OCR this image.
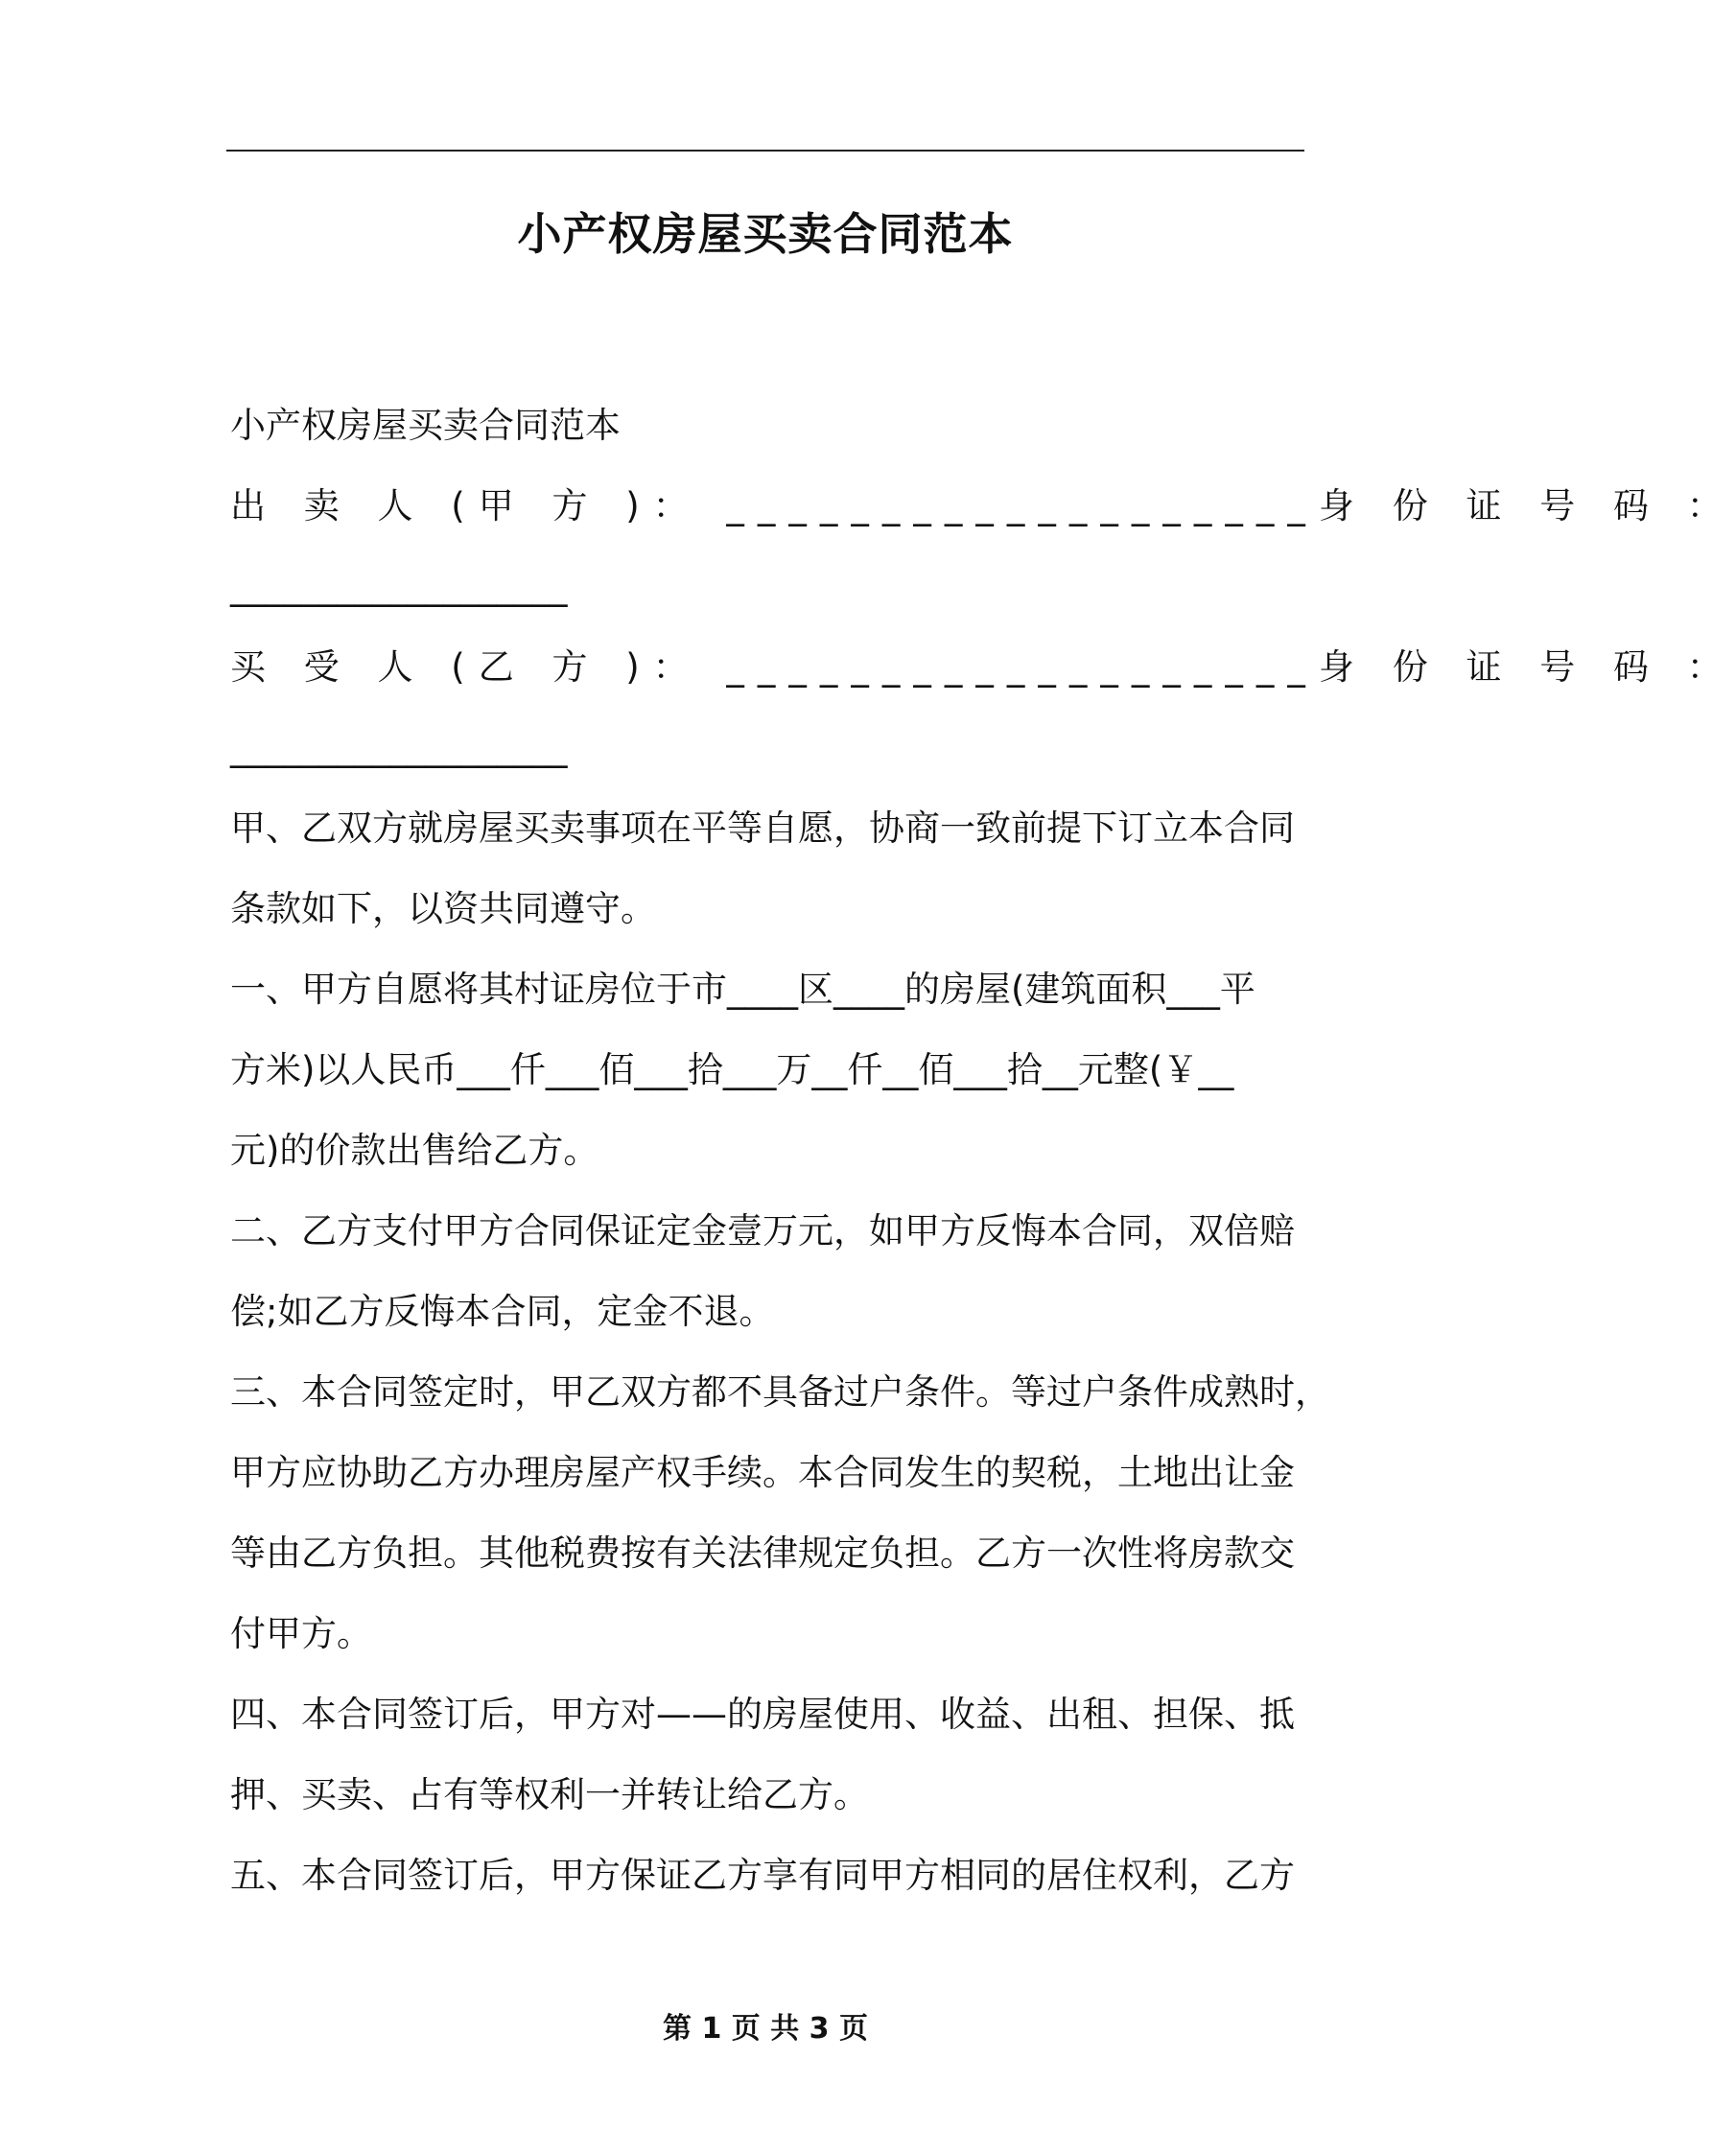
小产权房屋买卖合同范本
小产权房屋买卖合同范本
出 卖 人 (甲 方 )： ___________________身 份 证 号 码 ：
___________________
买 受 人 (乙 方 )： ___________________身 份 证 号 码 ：
___________________
甲、乙双方就房屋买卖事项在平等自愿，协商一致前提下订立本合同
条款如下，以资共同遵守。
一、甲方自愿将其村证房位于市____区____的房屋(建筑面积___平
方米)以人民币___仟___佰___拾___万__仟__佰___拾__元整(￥__
元)的价款出售给乙方。
二、乙方支付甲方合同保证定金壹万元，如甲方反悔本合同，双倍赔
偿;如乙方反悔本合同，定金不退。
三、本合同签定时，甲乙双方都不具备过户条件。等过户条件成熟时，
甲方应协助乙方办理房屋产权手续。本合同发生的契税，土地出让金
等由乙方负担。其他税费按有关法律规定负担。乙方一次性将房款交
付甲方。
四、本合同签订后，甲方对——的房屋使用、收益、出租、担保、抵
押、买卖、占有等权利一并转让给乙方。
五、本合同签订后，甲方保证乙方享有同甲方相同的居住权利，乙方
第 1 页 共 3 页
